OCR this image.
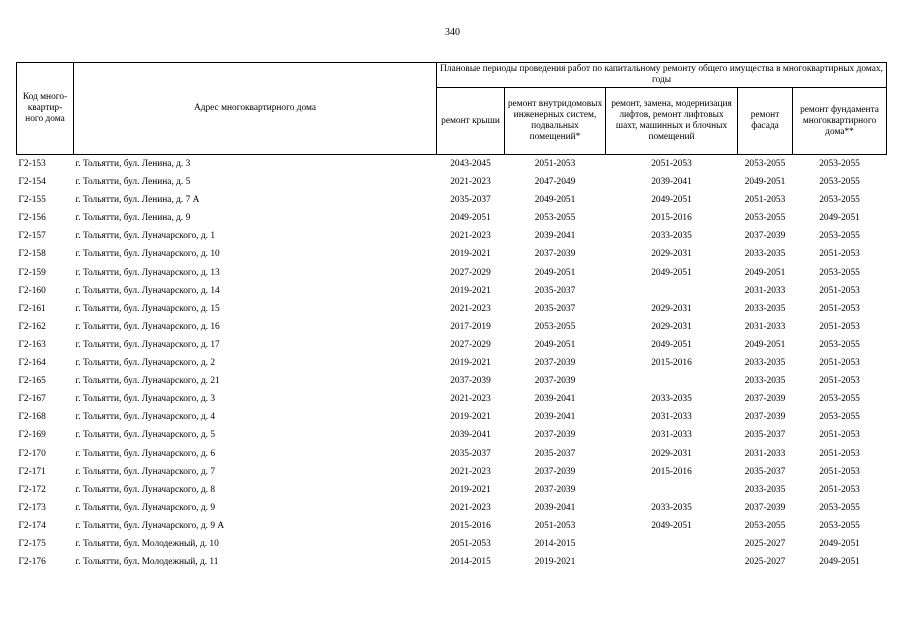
340
Код много-квартир-ного дома	Адрес многоквартирного дома	Плановые периоды проведения работ по капитальному ремонту общего имущества в многоквартирных домах, годы				
		ремонт крыши	ремонт внутридомовых инженерных систем, подвальных помещений*	ремонт, замена, модернизация лифтов, ремонт лифтовых шахт, машинных и блочных помещений	ремонт фасада	ремонт фундамента многоквартирного дома**
Г2-153	г. Тольятти, бул. Ленина, д. 3	2043-2045	2051-2053	2051-2053	2053-2055	2053-2055
Г2-154	г. Тольятти, бул. Ленина, д. 5	2021-2023	2047-2049	2039-2041	2049-2051	2053-2055
Г2-155	г. Тольятти, бул. Ленина, д. 7 А	2035-2037	2049-2051	2049-2051	2051-2053	2053-2055
Г2-156	г. Тольятти, бул. Ленина, д. 9	2049-2051	2053-2055	2015-2016	2053-2055	2049-2051
Г2-157	г. Тольятти, бул. Луначарского, д. 1	2021-2023	2039-2041	2033-2035	2037-2039	2053-2055
Г2-158	г. Тольятти, бул. Луначарского, д. 10	2019-2021	2037-2039	2029-2031	2033-2035	2051-2053
Г2-159	г. Тольятти, бул. Луначарского, д. 13	2027-2029	2049-2051	2049-2051	2049-2051	2053-2055
Г2-160	г. Тольятти, бул. Луначарского, д. 14	2019-2021	2035-2037		2031-2033	2051-2053
Г2-161	г. Тольятти, бул. Луначарского, д. 15	2021-2023	2035-2037	2029-2031	2033-2035	2051-2053
Г2-162	г. Тольятти, бул. Луначарского, д. 16	2017-2019	2053-2055	2029-2031	2031-2033	2051-2053
Г2-163	г. Тольятти, бул. Луначарского, д. 17	2027-2029	2049-2051	2049-2051	2049-2051	2053-2055
Г2-164	г. Тольятти, бул. Луначарского, д. 2	2019-2021	2037-2039	2015-2016	2033-2035	2051-2053
Г2-165	г. Тольятти, бул. Луначарского, д. 21	2037-2039	2037-2039		2033-2035	2051-2053
Г2-167	г. Тольятти, бул. Луначарского, д. 3	2021-2023	2039-2041	2033-2035	2037-2039	2053-2055
Г2-168	г. Тольятти, бул. Луначарского, д. 4	2019-2021	2039-2041	2031-2033	2037-2039	2053-2055
Г2-169	г. Тольятти, бул. Луначарского, д. 5	2039-2041	2037-2039	2031-2033	2035-2037	2051-2053
Г2-170	г. Тольятти, бул. Луначарского, д. 6	2035-2037	2035-2037	2029-2031	2031-2033	2051-2053
Г2-171	г. Тольятти, бул. Луначарского, д. 7	2021-2023	2037-2039	2015-2016	2035-2037	2051-2053
Г2-172	г. Тольятти, бул. Луначарского, д. 8	2019-2021	2037-2039		2033-2035	2051-2053
Г2-173	г. Тольятти, бул. Луначарского, д. 9	2021-2023	2039-2041	2033-2035	2037-2039	2053-2055
Г2-174	г. Тольятти, бул. Луначарского, д. 9 А	2015-2016	2051-2053	2049-2051	2053-2055	2053-2055
Г2-175	г. Тольятти, бул. Молодежный, д. 10	2051-2053	2014-2015		2025-2027	2049-2051
Г2-176	г. Тольятти, бул. Молодежный, д. 11	2014-2015	2019-2021		2025-2027	2049-2051
